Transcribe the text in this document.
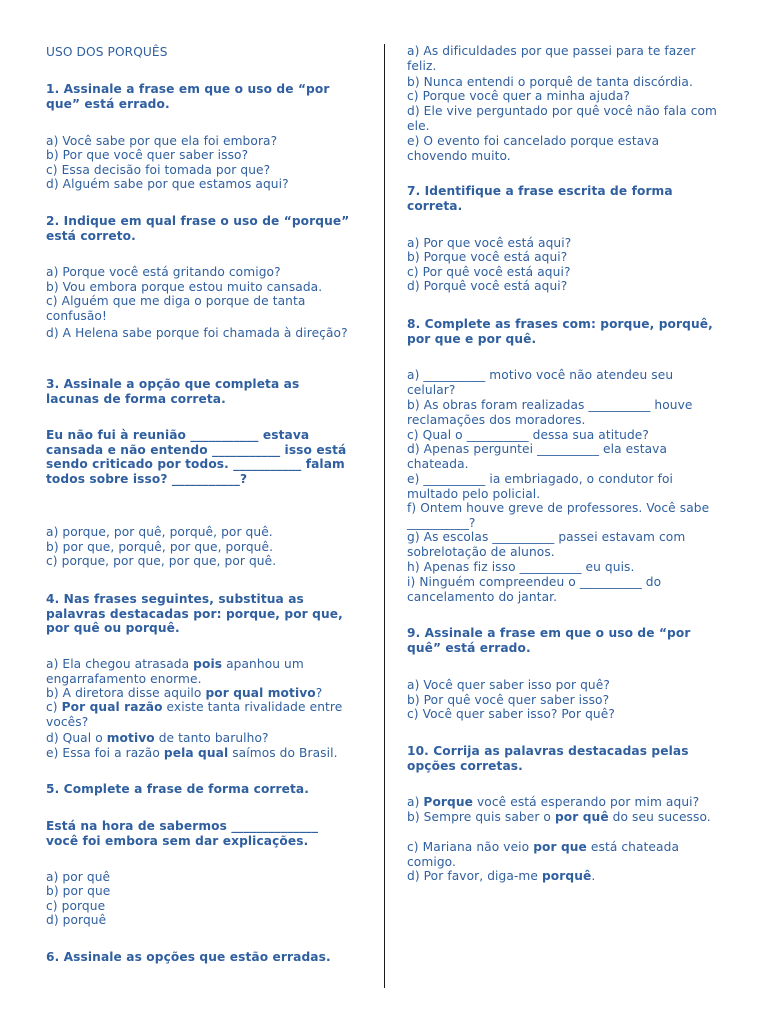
USO DOS PORQUÊS

1. Assinale a frase em que o uso de “por que” está errado.

a) Você sabe por que ela foi embora?

b) Por que você quer saber isso?

c) Essa decisão foi tomada por que?

d) Alguém sabe por que estamos aqui?

2. Indique em qual frase o uso de “porque” está correto.

a) Porque você está gritando comigo?

b) Vou embora porque estou muito cansada.

c) Alguém que me diga o porque de tanta confusão!

d) A Helena sabe porque foi chamada à direção?

3. Assinale a opção que completa as lacunas de forma correta.

Eu não fui à reunião ___________ estava cansada e não entendo ___________ isso está sendo criticado por todos. ___________ falam todos sobre isso? ___________?

a) porque, por quê, porquê, por quê.

b) por que, porquê, por que, porquê.

c) porque, por que, por que, por quê.

4. Nas frases seguintes, substitua as palavras destacadas por: porque, por que, por quê ou porquê.

a) Ela chegou atrasada pois apanhou um engarrafamento enorme.

b) A diretora disse aquilo por qual motivo?

c) Por qual razão existe tanta rivalidade entre vocês?

d) Qual o motivo de tanto barulho?

e) Essa foi a razão pela qual saímos do Brasil.

5. Complete a frase de forma correta.

Está na hora de sabermos ______________ você foi embora sem dar explicações.

a) por quê

b) por que

c) porque

d) porquê

6. Assinale as opções que estão erradas.

a) As dificuldades por que passei para te fazer feliz.

b) Nunca entendi o porquê de tanta discórdia.

c) Porque você quer a minha ajuda?

d) Ele vive perguntado por quê você não fala com ele.

e) O evento foi cancelado porque estava chovendo muito.

7. Identifique a frase escrita de forma correta.

a) Por que você está aqui?

b) Porque você está aqui?

c) Por quê você está aqui?

d) Porquê você está aqui?

8. Complete as frases com: porque, porquê, por que e por quê.

a) __________ motivo você não atendeu seu celular?

b) As obras foram realizadas __________ houve reclamações dos moradores.

c) Qual o __________ dessa sua atitude?

d) Apenas perguntei __________ ela estava chateada.

e) __________ ia embriagado, o condutor foi multado pelo policial.

f) Ontem houve greve de professores. Você sabe __________?

g) As escolas __________ passei estavam com sobrelotação de alunos.

h) Apenas fiz isso __________ eu quis.

i) Ninguém compreendeu o __________ do cancelamento do jantar.

9. Assinale a frase em que o uso de “por quê” está errado.

a) Você quer saber isso por quê?

b) Por quê você quer saber isso?

c) Você quer saber isso? Por quê?

10. Corrija as palavras destacadas pelas opções corretas.

a) Porque você está esperando por mim aqui?

b) Sempre quis saber o por quê do seu sucesso.

c) Mariana não veio por que está chateada comigo.

d) Por favor, diga-me porquê.
